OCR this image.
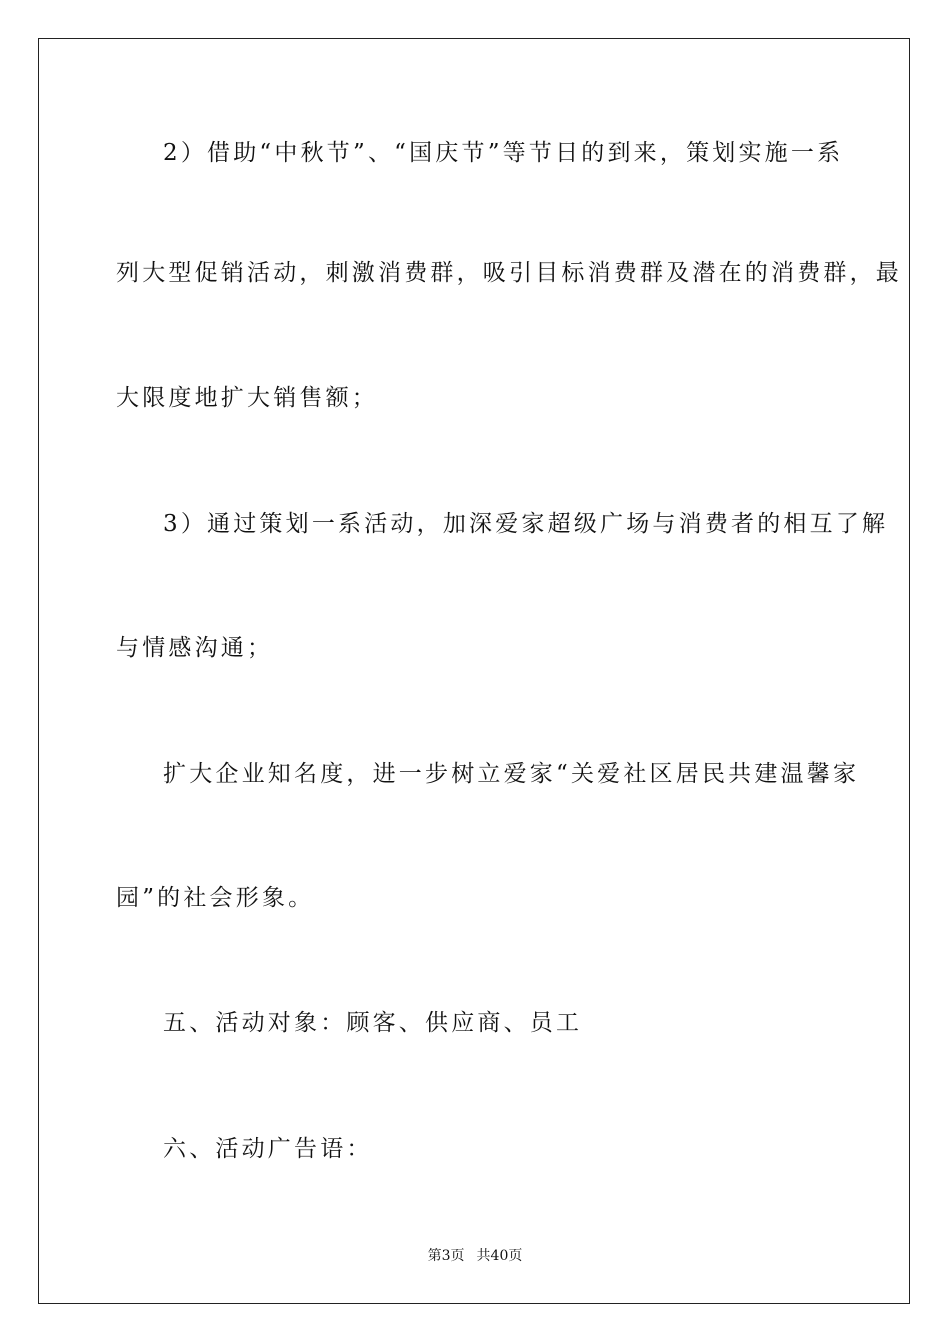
2）借助“中秋节”、“国庆节”等节日的到来，策划实施一系
列大型促销活动，刺激消费群，吸引目标消费群及潜在的消费群，最
大限度地扩大销售额；
3）通过策划一系活动，加深爱家超级广场与消费者的相互了解
与情感沟通；
扩大企业知名度，进一步树立爱家“关爱社区居民共建温馨家
园”的社会形象。
五、活动对象：顾客、供应商、员工
六、活动广告语：
第3页 共40页
